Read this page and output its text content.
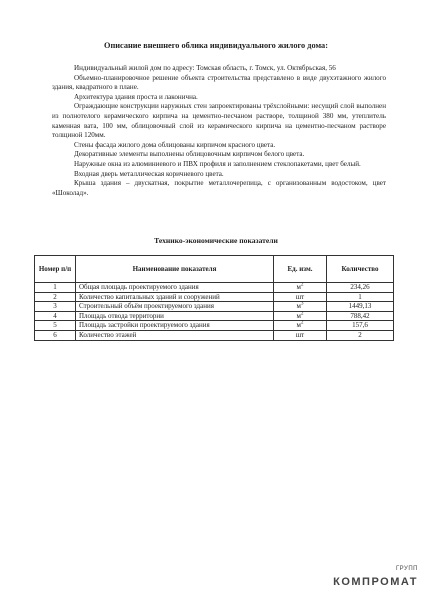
Описание внешнего облика индивидуального жилого дома:

Индивидуальный жилой дом по адресу: Томская область, г. Томск, ул. Октябрьская, 56

Объемно-планировочное решение объекта строительства представлено в виде двухэтажного жилого здания, квадратного в плане.

Архитектура здания проста и лаконична.

Ограждающие конструкции наружных стен запроектированы трёхслойными: несущий слой выполнен из полнотелого керамического кирпича на цементно-песчаном растворе, толщиной 380 мм, утеплитель каменная вата, 100 мм, облицовочный слой из керамического кирпича на цементно-песчаном растворе толщиной 120мм.

Стены фасада жилого дома облицованы кирпичом красного цвета.

Декоративные элементы выполнены облицовочным кирпичом белого цвета.

Наружные окна из алюминиевого и ПВХ профиля и заполнением стеклопакетами, цвет белый.

Входная дверь металлическая коричневого цвета.

Крыша здания – двускатная, покрытие металлочерепица, с организованным водостоком, цвет «Шоколад».

Технико-экономические показатели
Номер п/п	Наименование показателя	Ед. изм.	Количество
1	Общая площадь проектируемого здания	$м^2$	234,26
2	Количество капитальных зданий и сооружений	шт	1
3	Строительный объём проектируемого здания	$м^3$	1449,13
4	Площадь отвода территории	$м^2$	788,42
5	Площадь застройки проектируемого здания	$м^2$	157,6
6	Количество этажей	шт	2
ГРУПП
КОМПРОМАТ
